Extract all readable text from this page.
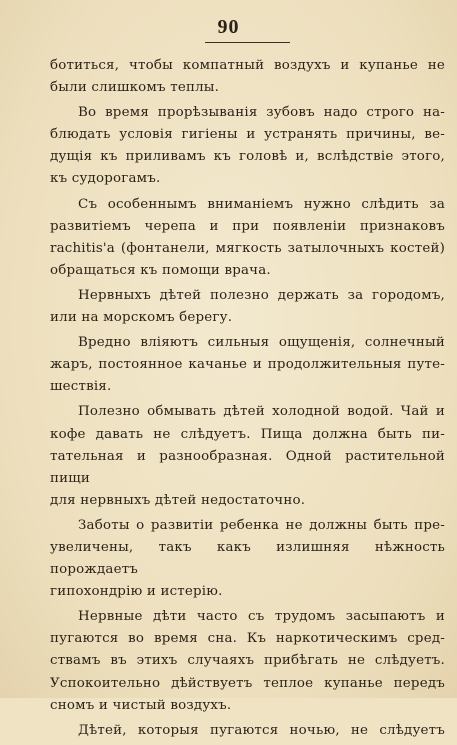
90
ботиться, чтобы компатный воздухъ и купанье не
были слишкомъ теплы.
Во время прорѣзыванія зубовъ надо строго на-
блюдать условія гигіены и устранять причины, ве-
дущія къ приливамъ къ головѣ и, вслѣдствіе этого,
къ судорогамъ.
Съ особеннымъ вниманіемъ нужно слѣдить за
развитіемъ черепа и при появленіи признаковъ
rachitis'а (фонтанели, мягкость затылочныхъ костей)
обращаться къ помощи врача.
Нервныхъ дѣтей полезно держать за городомъ,
или на морскомъ берегу.
Вредно вліяютъ сильныя ощущенія, солнечный
жаръ, постоянное качанье и продолжительныя путе-
шествія.
Полезно обмывать дѣтей холодной водой. Чай и
кофе давать не слѣдуетъ. Пища должна быть пи-
тательная и разнообразная. Одной растительной пищи
для нервныхъ дѣтей недостаточно.
Заботы о развитіи ребенка не должны быть пре-
увеличены, такъ какъ излишняя нѣжность порождаетъ
гипохондрію и истерію.
Нервные дѣти часто съ трудомъ засыпаютъ и
пугаются во время сна. Къ наркотическимъ сред-
ствамъ въ этихъ случаяхъ прибѣгать не слѣдуетъ.
Успокоительно дѣйствуетъ теплое купанье передъ
сномъ и чистый воздухъ.
Дѣтей, которыя пугаются ночью, не слѣдуетъ
